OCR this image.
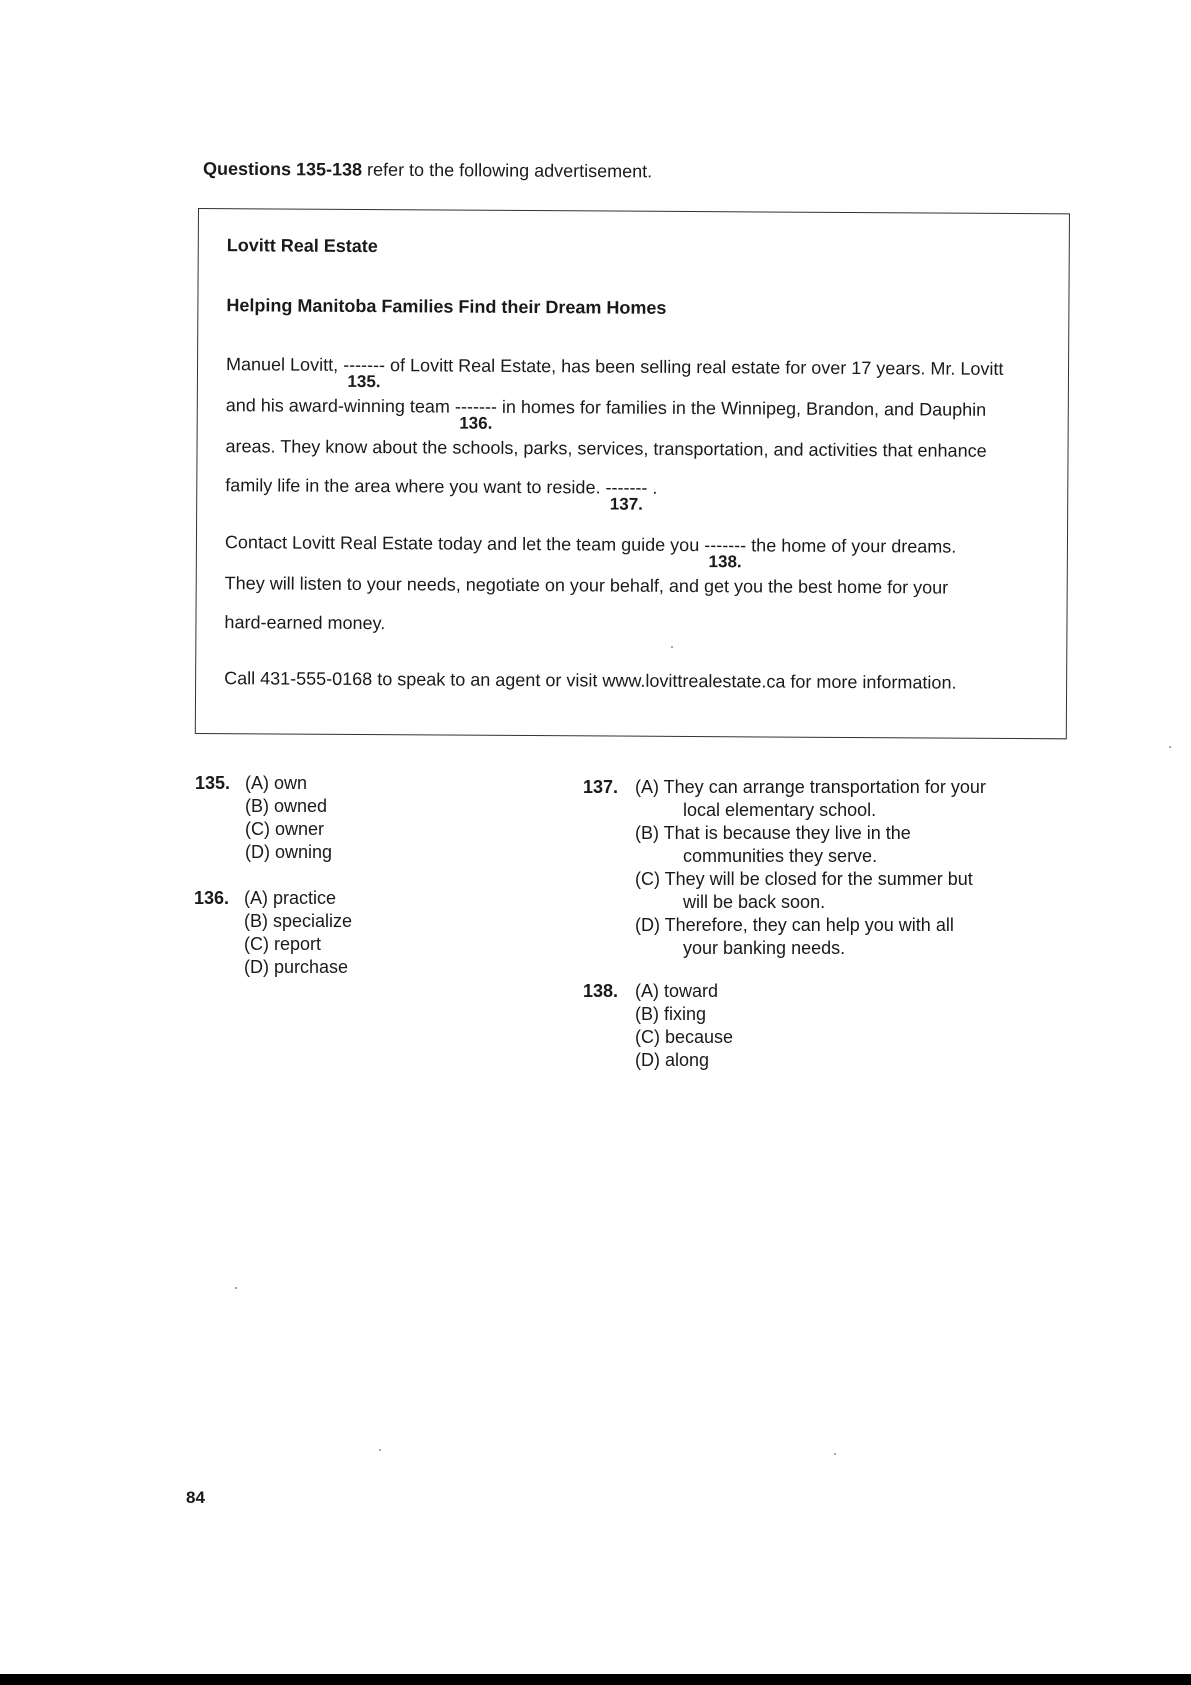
Questions 135-138 refer to the following advertisement.
Lovitt Real Estate
Helping Manitoba Families Find their Dream Homes
Manuel Lovitt, -------
135.
of Lovitt Real Estate, has been selling real estate for over 17 years. Mr. Lovitt
and his award-winning team -------
136.
in homes for families in the Winnipeg, Brandon, and Dauphin
areas. They know about the schools, parks, services, transportation, and activities that enhance
family life in the area where you want to reside. -------
137.
.
Contact Lovitt Real Estate today and let the team guide you -------
138.
the home of your dreams.
They will listen to your needs, negotiate on your behalf, and get you the best home for your
hard-earned money.
Call 431-555-0168 to speak to an agent or visit www.lovittrealestate.ca for more information.
135. (A) own
(B) owned
(C) owner
(D) owning
136. (A) practice
(B) specialize
(C) report
(D) purchase
137. (A) They can arrange transportation for your
local elementary school.
(B) That is because they live in the
communities they serve.
(C) They will be closed for the summer but
will be back soon.
(D) Therefore, they can help you with all
your banking needs.
138. (A) toward
(B) fixing
(C) because
(D) along
84
